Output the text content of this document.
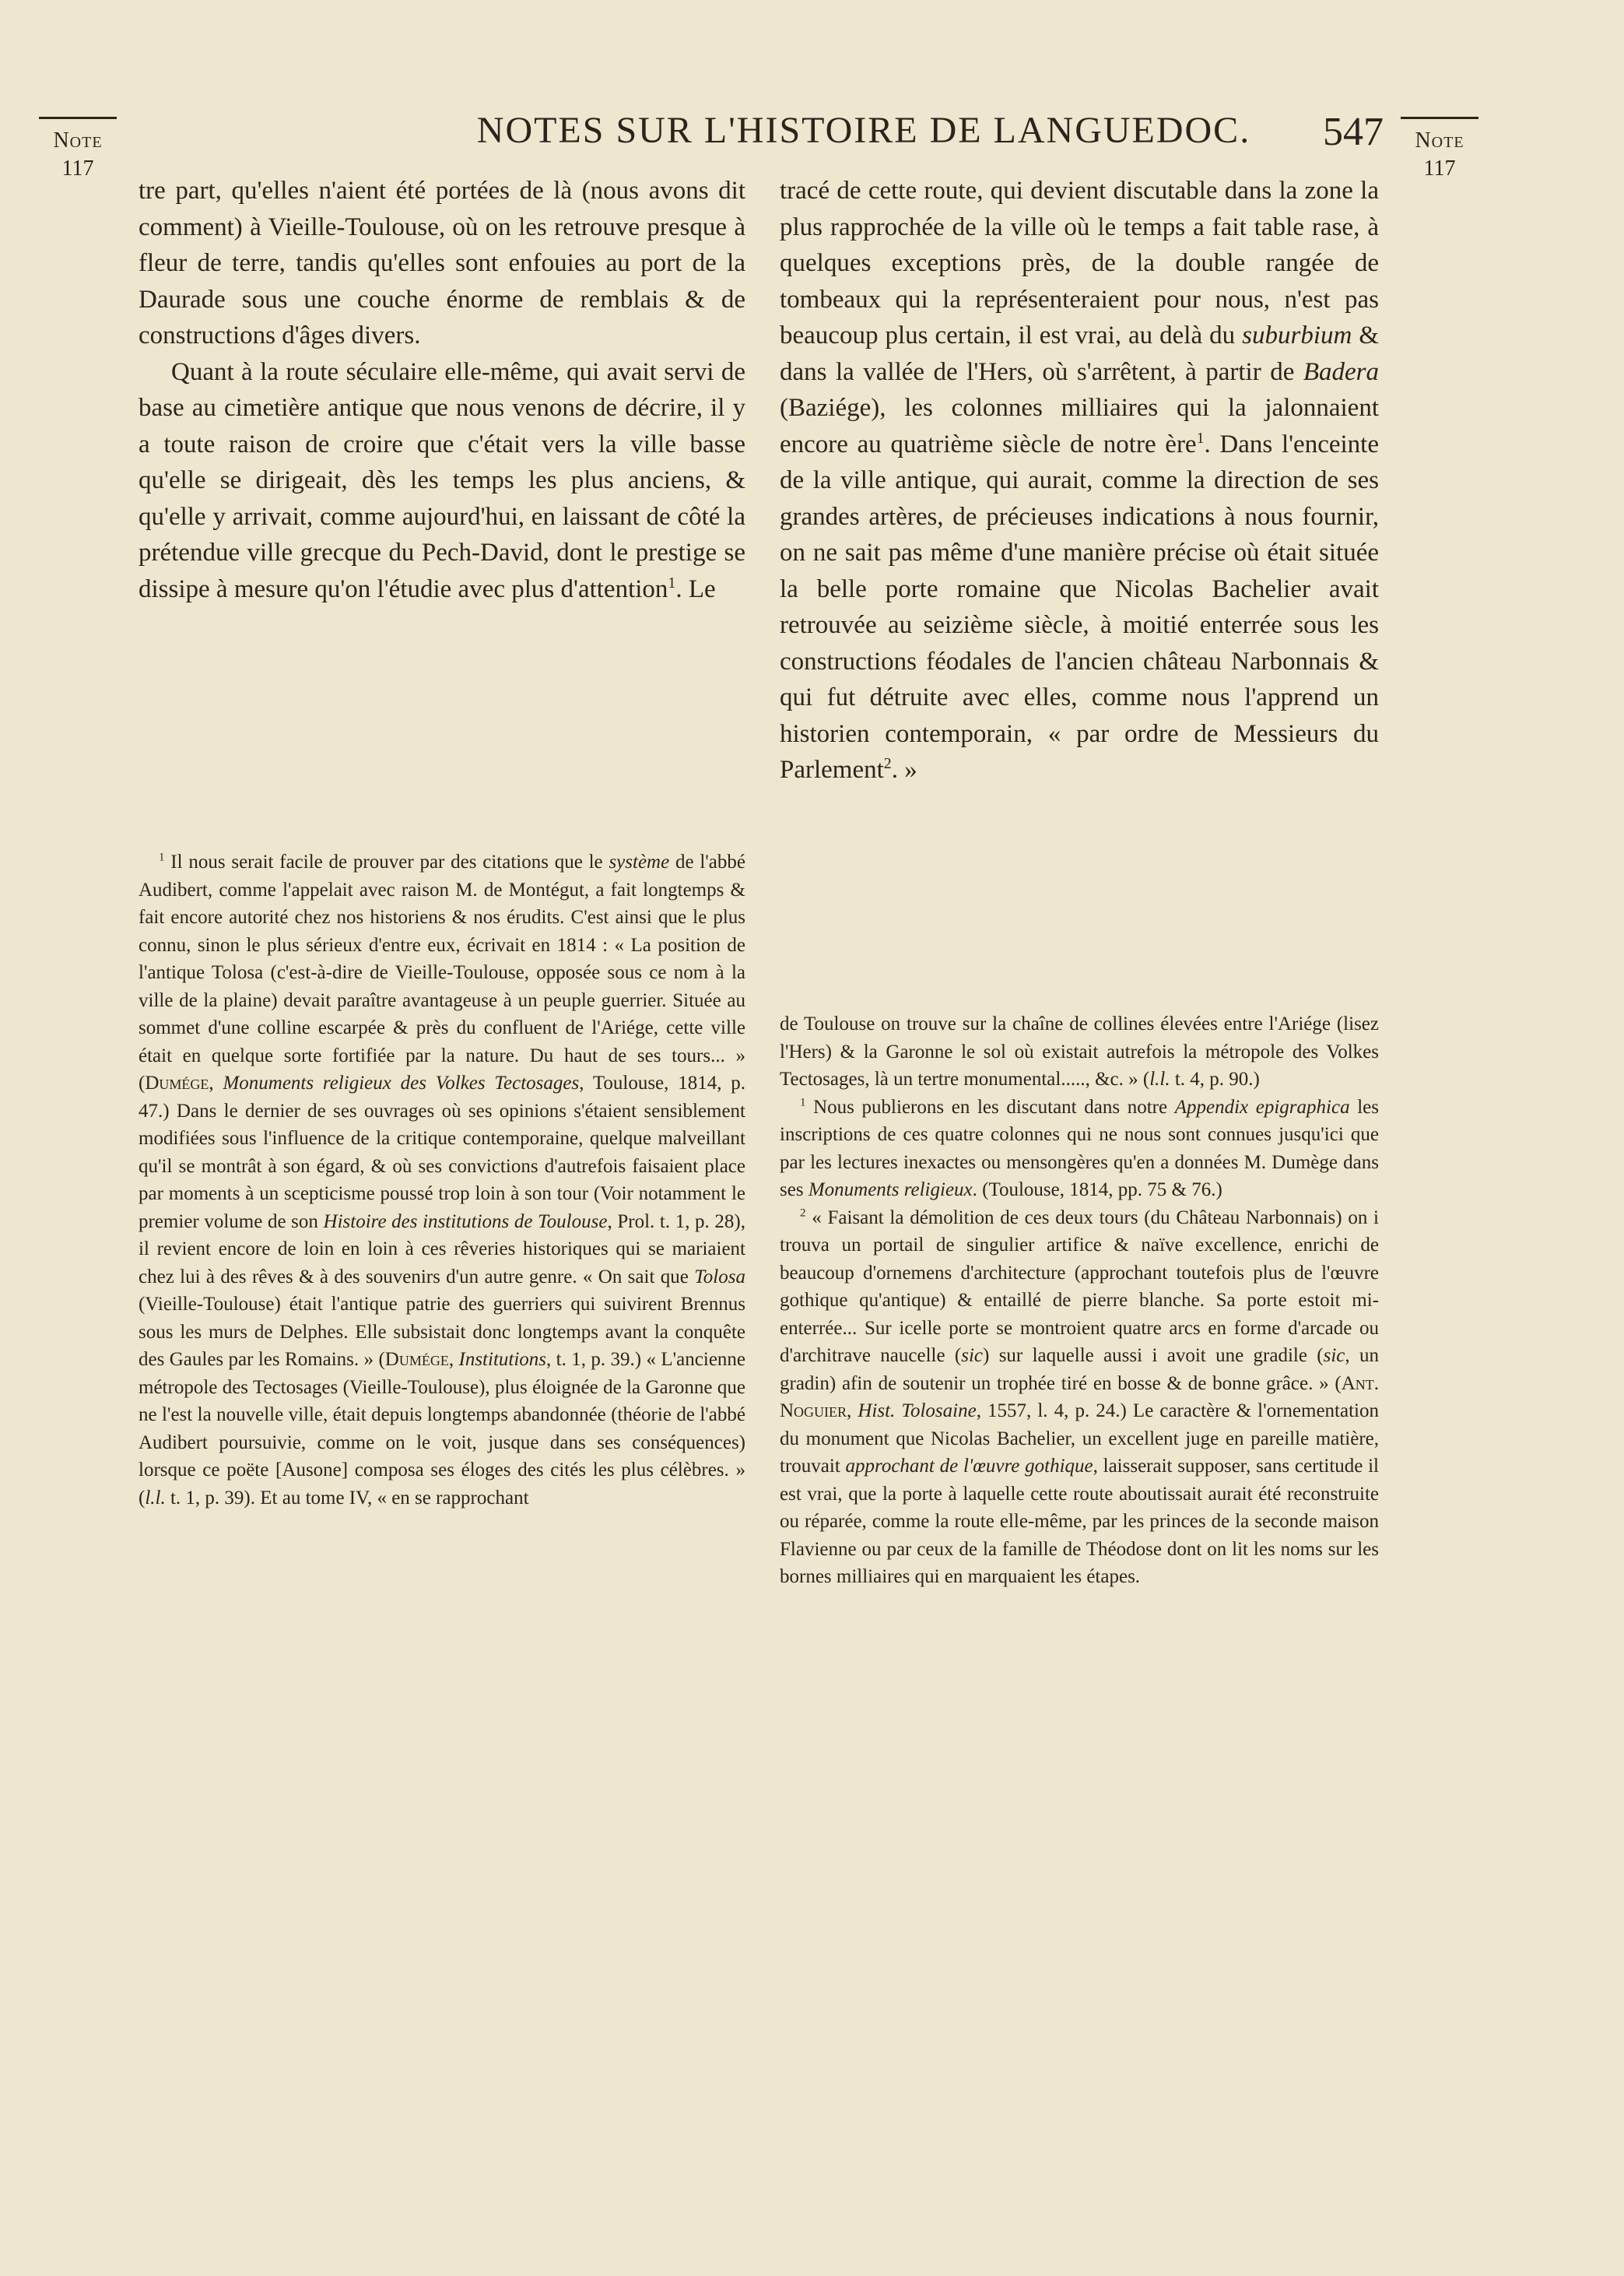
Note
117
NOTES SUR L'HISTOIRE DE LANGUEDOC.	547	Note
117

tre part, qu'elles n'aient été portées de là (nous avons dit comment) à Vieille-Toulouse, où on les retrouve presque à fleur de terre, tandis qu'elles sont enfouies au port de la Daurade sous une couche énorme de remblais & de constructions d'âges divers.

Quant à la route séculaire elle-même, qui avait servi de base au cimetière antique que nous venons de décrire, il y a toute raison de croire que c'était vers la ville basse qu'elle se dirigeait, dès les temps les plus anciens, & qu'elle y arrivait, comme aujourd'hui, en laissant de côté la prétendue ville grecque du Pech-David, dont le prestige se dissipe à mesure qu'on l'étudie avec plus d'attention$^1$. Le

tracé de cette route, qui devient discutable dans la zone la plus rapprochée de la ville où le temps a fait table rase, à quelques exceptions près, de la double rangée de tombeaux qui la représenteraient pour nous, n'est pas beaucoup plus certain, il est vrai, au delà du suburbium & dans la vallée de l'Hers, où s'arrêtent, à partir de Badera (Baziége), les colonnes milliaires qui la jalonnaient encore au quatrième siècle de notre ère$^1$. Dans l'enceinte de la ville antique, qui aurait, comme la direction de ses grandes artères, de précieuses indications à nous fournir, on ne sait pas même d'une manière précise où était située la belle porte romaine que Nicolas Bachelier avait retrouvée au seizième siècle, à moitié enterrée sous les constructions féodales de l'ancien château Narbonnais & qui fut détruite avec elles, comme nous l'apprend un historien contemporain, « par ordre de Messieurs du Parlement$^2$. »

$^1$ Il nous serait facile de prouver par des citations que le système de l'abbé Audibert, comme l'appelait avec raison M. de Montégut, a fait longtemps & fait encore autorité chez nos historiens & nos érudits. C'est ainsi que le plus connu, sinon le plus sérieux d'entre eux, écrivait en 1814 : « La position de l'antique Tolosa (c'est-à-dire de Vieille-Toulouse, opposée sous ce nom à la ville de la plaine) devait paraître avantageuse à un peuple guerrier. Située au sommet d'une colline escarpée & près du confluent de l'Ariége, cette ville était en quelque sorte fortifiée par la nature. Du haut de ses tours... » (Dumége, Monuments religieux des Volkes Tectosages, Toulouse, 1814, p. 47.) Dans le dernier de ses ouvrages où ses opinions s'étaient sensiblement modifiées sous l'influence de la critique contemporaine, quelque malveillant qu'il se montrât à son égard, & où ses convictions d'autrefois faisaient place par moments à un scepticisme poussé trop loin à son tour (Voir notamment le premier volume de son Histoire des institutions de Toulouse, Prol. t. 1, p. 28), il revient encore de loin en loin à ces rêveries historiques qui se mariaient chez lui à des rêves & à des souvenirs d'un autre genre. « On sait que Tolosa (Vieille-Toulouse) était l'antique patrie des guerriers qui suivirent Brennus sous les murs de Delphes. Elle subsistait donc longtemps avant la conquête des Gaules par les Romains. » (Dumége, Institutions, t. 1, p. 39.) « L'ancienne métropole des Tectosages (Vieille-Toulouse), plus éloignée de la Garonne que ne l'est la nouvelle ville, était depuis longtemps abandonnée (théorie de l'abbé Audibert poursuivie, comme on le voit, jusque dans ses conséquences) lorsque ce poëte [Ausone] composa ses éloges des cités les plus célèbres. » (l.l. t. 1, p. 39). Et au tome IV, « en se rapprochant

de Toulouse on trouve sur la chaîne de collines élevées entre l'Ariége (lisez l'Hers) & la Garonne le sol où existait autrefois la métropole des Volkes Tectosages, là un tertre monumental....., &c. » (l.l. t. 4, p. 90.)

$^1$ Nous publierons en les discutant dans notre Appendix epigraphica les inscriptions de ces quatre colonnes qui ne nous sont connues jusqu'ici que par les lectures inexactes ou mensongères qu'en a données M. Dumège dans ses Monuments religieux. (Toulouse, 1814, pp. 75 & 76.)

$^2$ « Faisant la démolition de ces deux tours (du Château Narbonnais) on i trouva un portail de singulier artifice & naïve excellence, enrichi de beaucoup d'ornemens d'architecture (approchant toutefois plus de l'œuvre gothique qu'antique) & entaillé de pierre blanche. Sa porte estoit mi-enterrée... Sur icelle porte se montroient quatre arcs en forme d'arcade ou d'architrave naucelle (sic) sur laquelle aussi i avoit une gradile (sic, un gradin) afin de soutenir un trophée tiré en bosse & de bonne grâce. » (Ant. Noguier, Hist. Tolosaine, 1557, l. 4, p. 24.) Le caractère & l'ornementation du monument que Nicolas Bachelier, un excellent juge en pareille matière, trouvait approchant de l'œuvre gothique, laisserait supposer, sans certitude il est vrai, que la porte à laquelle cette route aboutissait aurait été reconstruite ou réparée, comme la route elle-même, par les princes de la seconde maison Flavienne ou par ceux de la famille de Théodose dont on lit les noms sur les bornes milliaires qui en marquaient les étapes.
